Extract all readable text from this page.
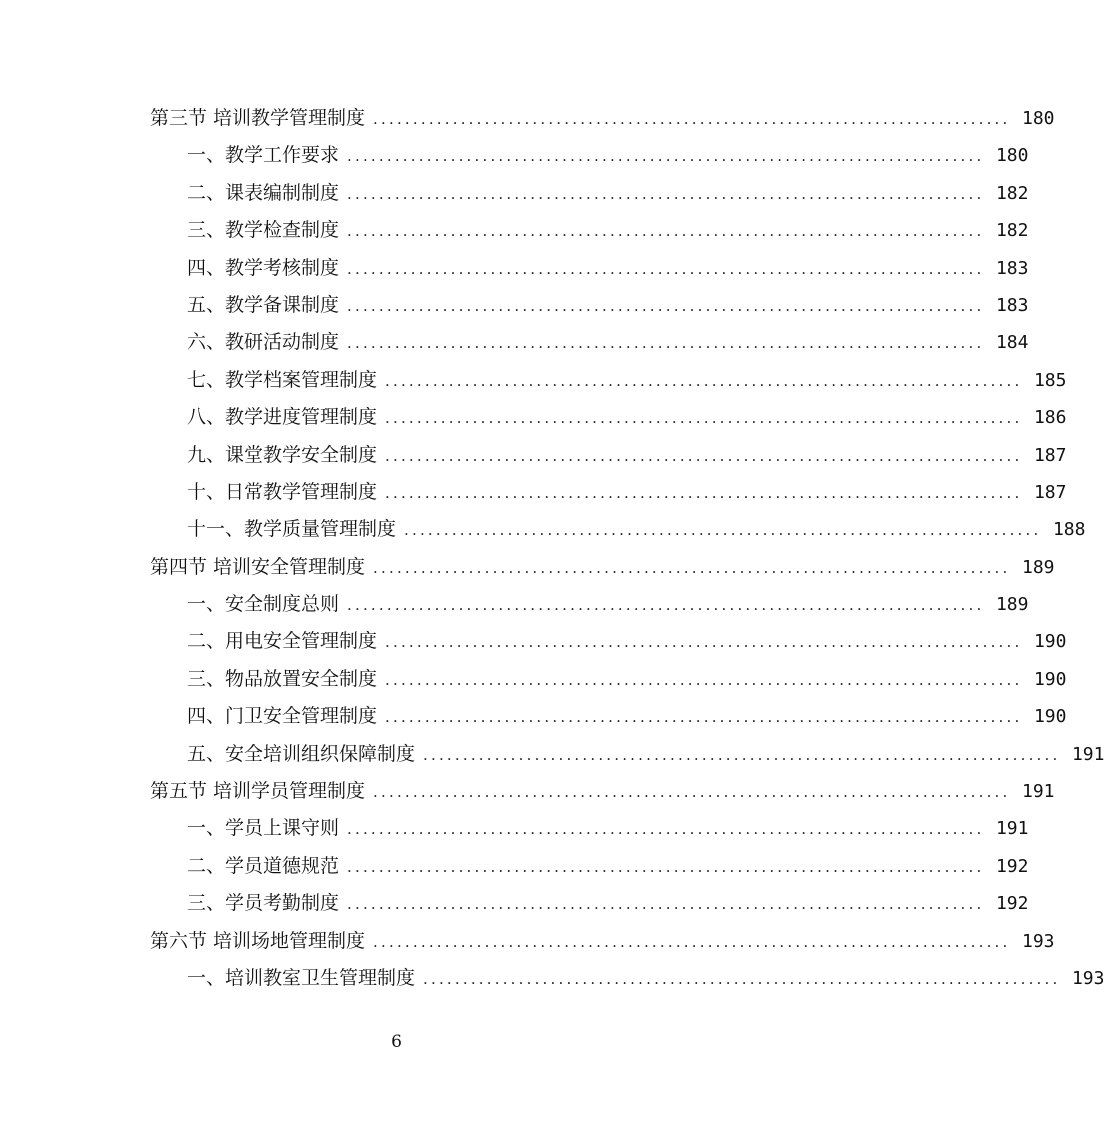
第三节 培训教学管理制度 ................................................................................ 180
一、教学工作要求 ................................................................................ 180
二、课表编制制度 ................................................................................ 182
三、教学检查制度 ................................................................................ 182
四、教学考核制度 ................................................................................ 183
五、教学备课制度 ................................................................................ 183
六、教研活动制度 ................................................................................ 184
七、教学档案管理制度 ................................................................................ 185
八、教学进度管理制度 ................................................................................ 186
九、课堂教学安全制度 ................................................................................ 187
十、日常教学管理制度 ................................................................................ 187
十一、教学质量管理制度 ................................................................................ 188
第四节 培训安全管理制度 ................................................................................ 189
一、安全制度总则 ................................................................................ 189
二、用电安全管理制度 ................................................................................ 190
三、物品放置安全制度 ................................................................................ 190
四、门卫安全管理制度 ................................................................................ 190
五、安全培训组织保障制度 ................................................................................ 191
第五节 培训学员管理制度 ................................................................................ 191
一、学员上课守则 ................................................................................ 191
二、学员道德规范 ................................................................................ 192
三、学员考勤制度 ................................................................................ 192
第六节 培训场地管理制度 ................................................................................ 193
一、培训教室卫生管理制度 ................................................................................ 193
6
